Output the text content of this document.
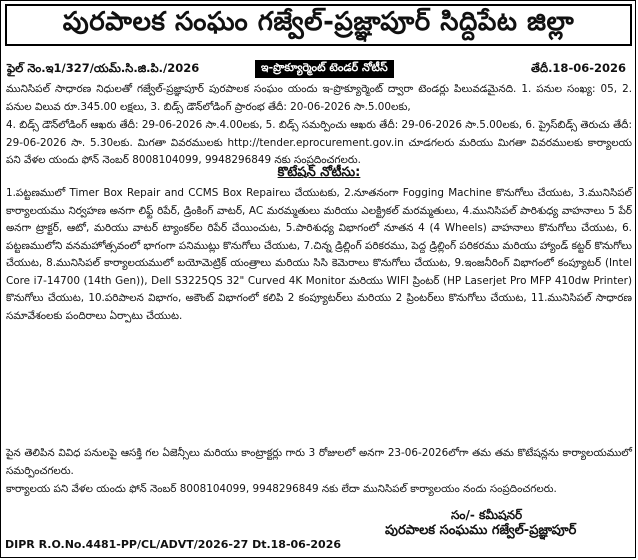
పురపాలక సంఘం గజ్వేల్-ప్రజ్ఞాపూర్ సిద్దిపేట జిల్లా
ఫైల్ నెం.ఇ1/327/యమ్.సి.జి.పి./2026	ఇ-ప్రొక్యూర్మెంట్ టెండర్ నోటీస్	తేదీ.18-06-2026

మునిసిపల్ సాధారణ నిధులతో గజ్వేల్-ప్రజ్ఞాపూర్ పురపాలక సంఘం యందు ఇ-ప్రొక్యూర్మెంట్ ద్వారా టెండర్లు పిలువడమైనది. 1. పనుల సంఖ్య: 05, 2. పనుల విలువ రూ.345.00 లక్షలు, 3. బిడ్స్ డౌన్‌లోడింగ్ ప్రారంభ తేదీ: 20-06-2026 సా.5.00లకు,

4. బిడ్స్ డౌన్‌లోడింగ్ ఆఖరు తేదీ: 29-06-2026 సా.4.00లకు, 5. బిడ్స్ సమర్పించు ఆఖరు తేదీ: 29-06-2026 సా.5.00లకు, 6. ప్రైస్‌బిడ్స్ తెరుచు తేదీ: 29-06-2026 సా. 5.30లకు. మిగతా వివరములకు http://tender.eprocurement.gov.in చూడగలరు మరియు మిగతా వివరములకు కార్యాలయ పని వేళల యందు ఫోన్ నెంబర్ 8008104099, 9948296849 నకు సంప్రదించగలరు.

కొటేషన్ నోటీసు:

1.పట్టణములో Timer Box Repair and CCMS Box Repairలు చేయుటకు, 2.నూతనంగా Fogging Machine కొనుగోలు చేయుట, 3.మునిసిపల్ కార్యాలయము నిర్వహణ అనగా లిఫ్ట్ రిపేర్, డ్రింకింగ్ వాటర్, AC మరమ్మతులు మరియు ఎలక్ట్రికల్ మరమ్మతులు, 4.మునిసిపల్ పారిశుధ్య వాహనాలు 5 పేర్ అనగా ట్రాక్టర్, ఆటో, మరియు వాటర్ ట్యాంకర్‌ల రిపేర్ చేయించుట, 5.పారిశుధ్య విభాగంలో నూతన 4 (4 Wheels) వాహనాలు కొనుగోలు చేయుట, 6. పట్టణములోని వనమహోత్సవంలో భాగంగా పనిముట్లు కొనుగోలు చేయుట, 7.చిన్న డ్రిల్లింగ్ పరికరము, పెద్ద డ్రిల్లింగ్ పరికరము మరియు హ్యాండ్ కట్టర్ కొనుగోలు చేయుట, 8.మునిసిపల్ కార్యాలయములో బయోమెట్రిక్ యంత్రాలు మరియు సిసి కెమెరాలు కొనుగోలు చేయుట, 9.ఇంజనీరింగ్ విభాగంలో కంప్యూటర్ (Intel Core i7-14700 (14th Gen)), Dell S3225QS 32" Curved 4K Monitor మరియు WIFI ప్రింటర్ (HP Laserjet Pro MFP 410dw Printer) కొనుగోలు చేయుట, 10.పరిపాలన విభాగం, అకౌంట్ విభాగంలో కలిపి 2 కంప్యూటర్‌లు మరియు 2 ప్రింటర్‌లు కొనుగోలు చేయుట, 11.మునిసిపల్ సాధారణ సమావేశంలకు పందిరాలు ఏర్పాటు చేయుట.

పైన తెలిపిన వివిధ పనులపై ఆసక్తి గల ఏజెన్సీలు మరియు కాంట్రాక్టర్లు గారు 3 రోజులలో అనగా 23-06-2026లోగా తమ తమ కొటేషన్లను కార్యాలయములో సమర్పించగలరు.

కార్యాలయ పని వేళల యందు ఫోన్ నెంబర్ 8008104099, 9948296849 నకు లేదా మునిసిపల్ కార్యాలయం నందు సంప్రదించగలరు.

సం/- కమీషనర్
పురపాలక సంఘము గజ్వేల్-ప్రజ్ఞాపూర్
DIPR R.O.No.4481-PP/CL/ADVT/2026-27 Dt.18-06-2026
